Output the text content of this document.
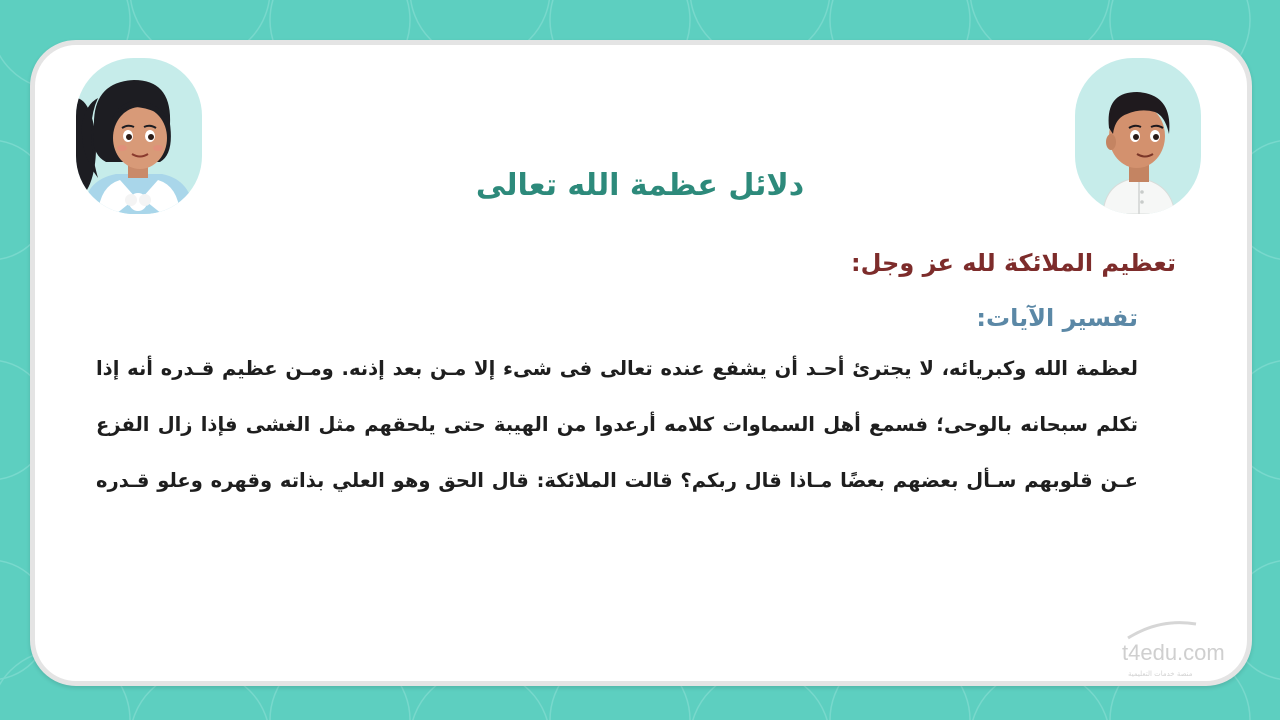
دلائل عظمة الله تعالى
تعظيم الملائكة لله عز وجل:
تفسير الآيات:
لعظمة الله وكبريائه، لا يجترئ أحـد أن يشفع عنده تعالى فى شىء إلا مـن بعد إذنه. ومـن عظيم قـدره أنه إذا
تكلم سبحانه بالوحى؛ فسمع أهل السماوات كلامه أرعدوا من الهيبة حتى يلحقهم مثل الغشى فإذا زال الفزع
عـن قلوبهم سـأل بعضهم بعضًا مـاذا قال ربكم؟ قالت الملائكة: قال الحق وهو العلي بذاته وقهره وعلو قـدره
t4edu.com
منصة خدمات التعليمية
